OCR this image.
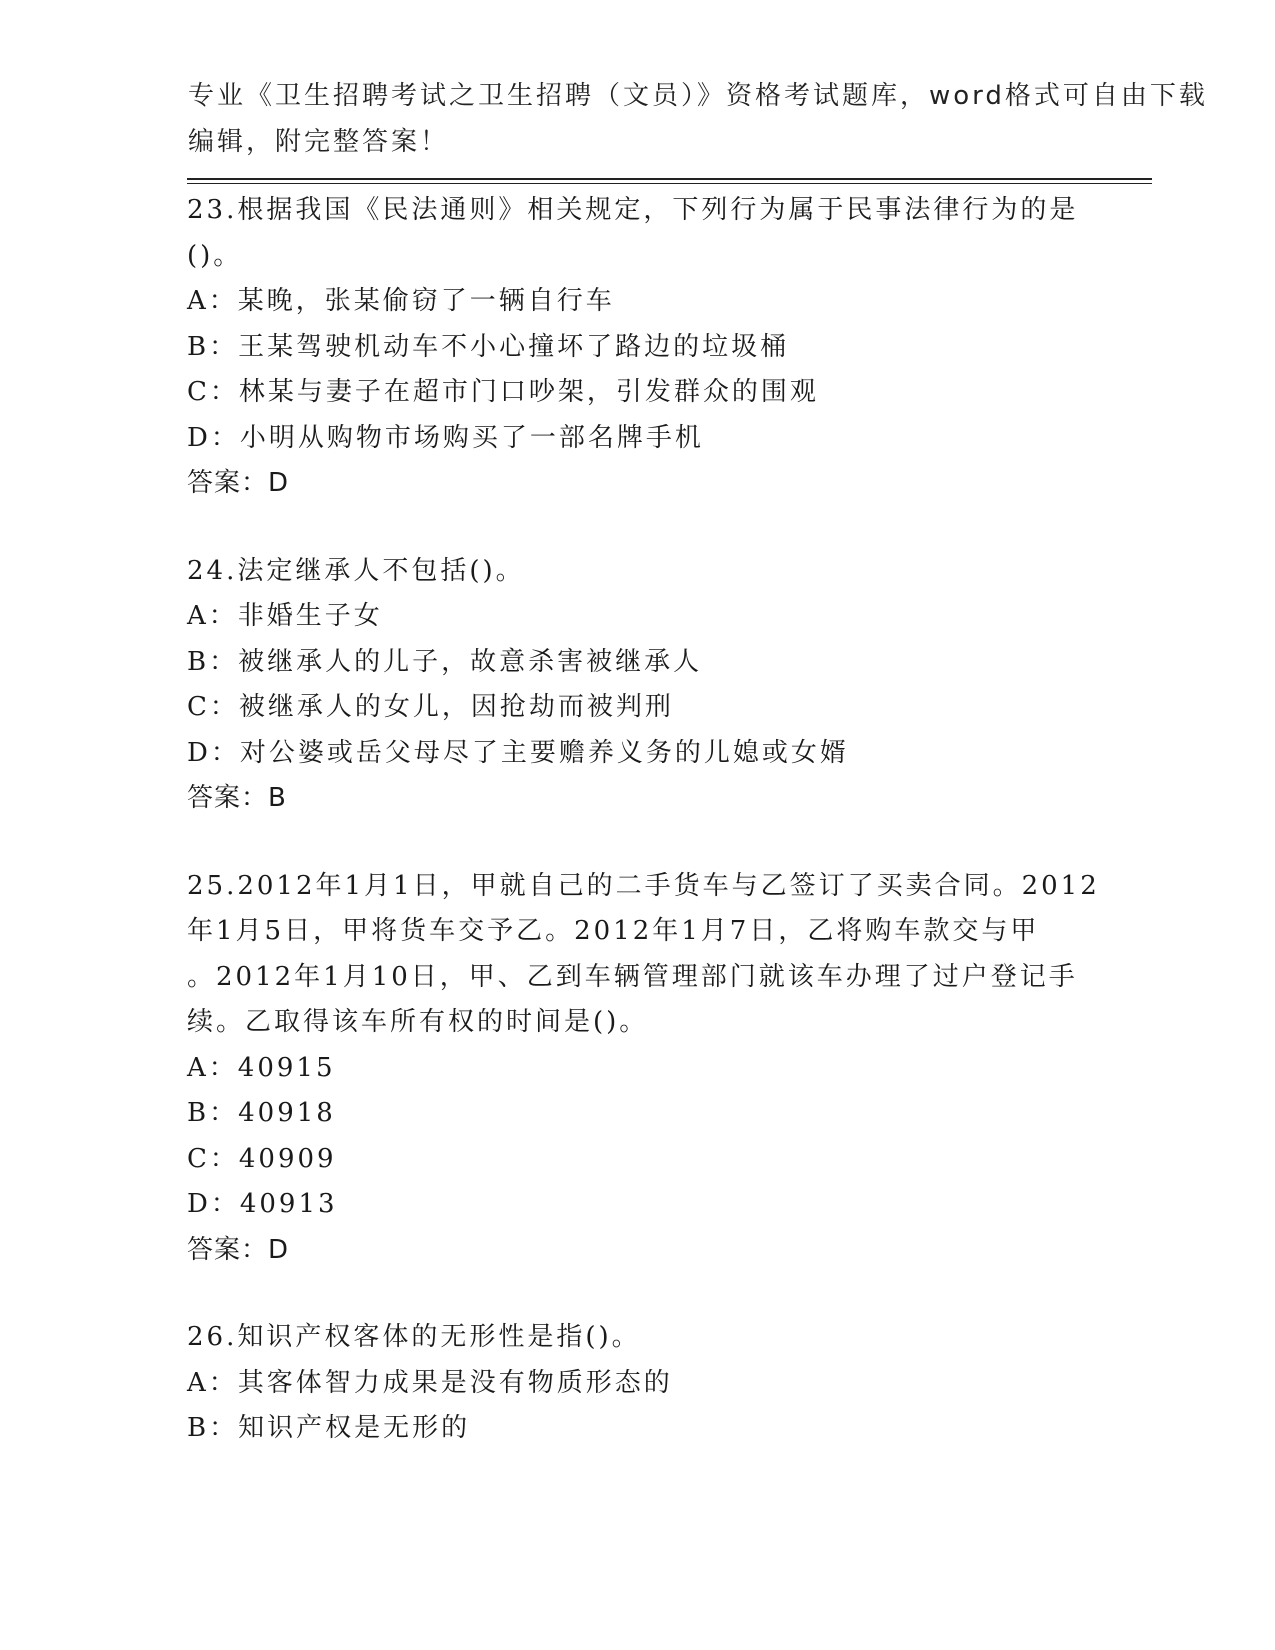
专业《卫生招聘考试之卫生招聘（文员）》资格考试题库，word格式可自由下载
编辑，附完整答案！
23.根据我国《民法通则》相关规定，下列行为属于民事法律行为的是
()。
A：某晚，张某偷窃了一辆自行车
B：王某驾驶机动车不小心撞坏了路边的垃圾桶
C：林某与妻子在超市门口吵架，引发群众的围观
D：小明从购物市场购买了一部名牌手机
答案：D
24.法定继承人不包括()。
A：非婚生子女
B：被继承人的儿子，故意杀害被继承人
C：被继承人的女儿，因抢劫而被判刑
D：对公婆或岳父母尽了主要赡养义务的儿媳或女婿
答案：B
25.2012年1月1日，甲就自己的二手货车与乙签订了买卖合同。2012
年1月5日，甲将货车交予乙。2012年1月7日，乙将购车款交与甲
。2012年1月10日，甲、乙到车辆管理部门就该车办理了过户登记手
续。乙取得该车所有权的时间是()。
A：40915
B：40918
C：40909
D：40913
答案：D
26.知识产权客体的无形性是指()。
A：其客体智力成果是没有物质形态的
B：知识产权是无形的
